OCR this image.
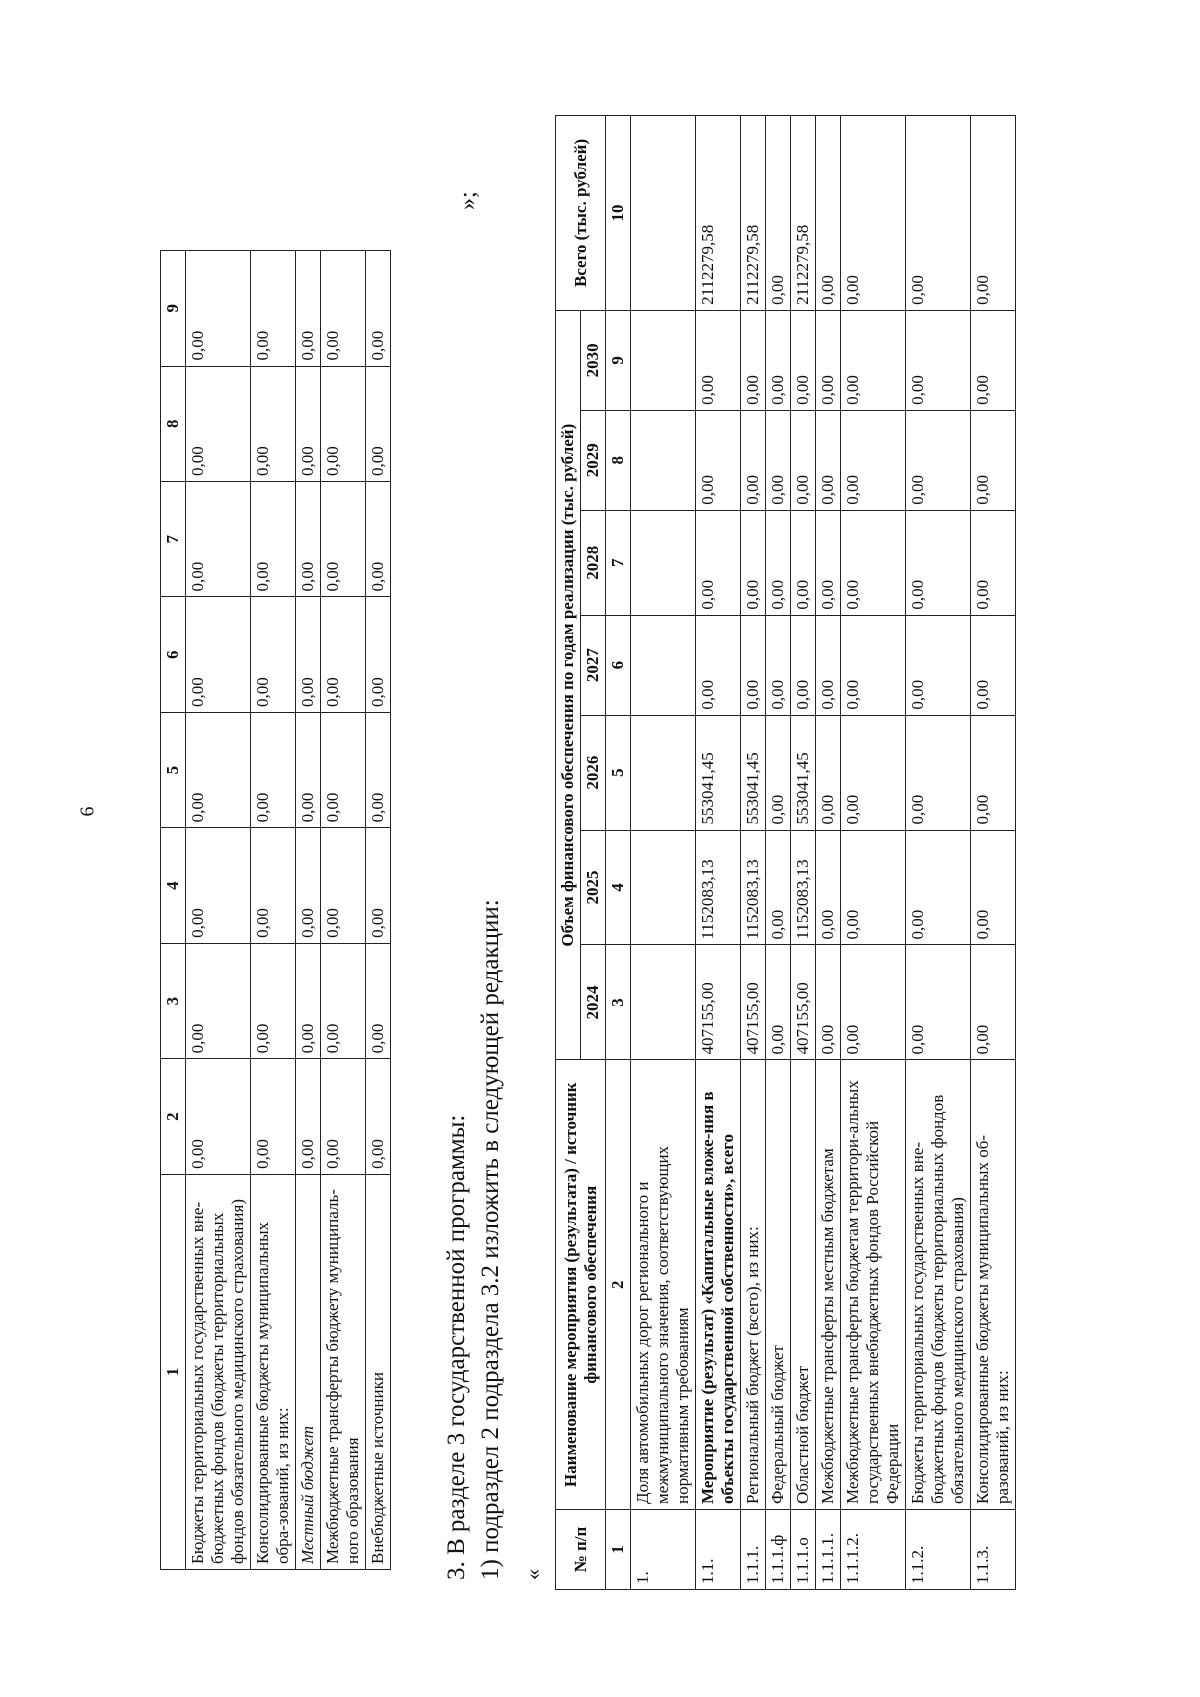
6
1	2	3	4	5	6	7	8	9
Бюджеты территориальных государственных вне-бюджетных фондов (бюджеты территориальных фондов обязательного медицинского страхования)	0,00	0,00	0,00	0,00	0,00	0,00	0,00	0,00
Консолидированные бюджеты муниципальных обра-зований, из них:	0,00	0,00	0,00	0,00	0,00	0,00	0,00	0,00
Местный бюджет	0,00	0,00	0,00	0,00	0,00	0,00	0,00	0,00
Межбюджетные трансферты бюджету муниципаль-ного образования	0,00	0,00	0,00	0,00	0,00	0,00	0,00	0,00
Внебюджетные источники	0,00	0,00	0,00	0,00	0,00	0,00	0,00	0,00
»;
3. В разделе 3 государственной программы: 1) подраздел 2 подраздела 3.2 изложить в следующей редакции: «
№ п/п	Наименование мероприятия (результата) / источник финансового обеспечения	Объем финансового обеспечения по годам реализации (тыс. рублей)							Всего (тыс. рублей)
		2024	2025	2026	2027	2028	2029	2030	
1	2	3	4	5	6	7	8	9	10
1.	Доля автомобильных дорог регионального и межмуниципального значения, соответствующих нормативным требованиям								
1.1.	Мероприятие (результат) «Капитальные вложе-ния в объекты государственной собственности», всего	407155,00	1152083,13	553041,45	0,00	0,00	0,00	0,00	2112279,58
1.1.1.	Региональный бюджет (всего), из них:	407155,00	1152083,13	553041,45	0,00	0,00	0,00	0,00	2112279,58
1.1.1.ф	Федеральный бюджет	0,00	0,00	0,00	0,00	0,00	0,00	0,00	0,00
1.1.1.о	Областной бюджет	407155,00	1152083,13	553041,45	0,00	0,00	0,00	0,00	2112279,58
1.1.1.1.	Межбюджетные трансферты местным бюджетам	0,00	0,00	0,00	0,00	0,00	0,00	0,00	0,00
1.1.1.2.	Межбюджетные трансферты бюджетам территори-альных государственных внебюджетных фондов Российской Федерации	0,00	0,00	0,00	0,00	0,00	0,00	0,00	0,00
1.1.2.	Бюджеты территориальных государственных вне-бюджетных фондов (бюджеты территориальных фондов обязательного медицинского страхования)	0,00	0,00	0,00	0,00	0,00	0,00	0,00	0,00
1.1.3.	Консолидированные бюджеты муниципальных об-разований, из них:	0,00	0,00	0,00	0,00	0,00	0,00	0,00	0,00
